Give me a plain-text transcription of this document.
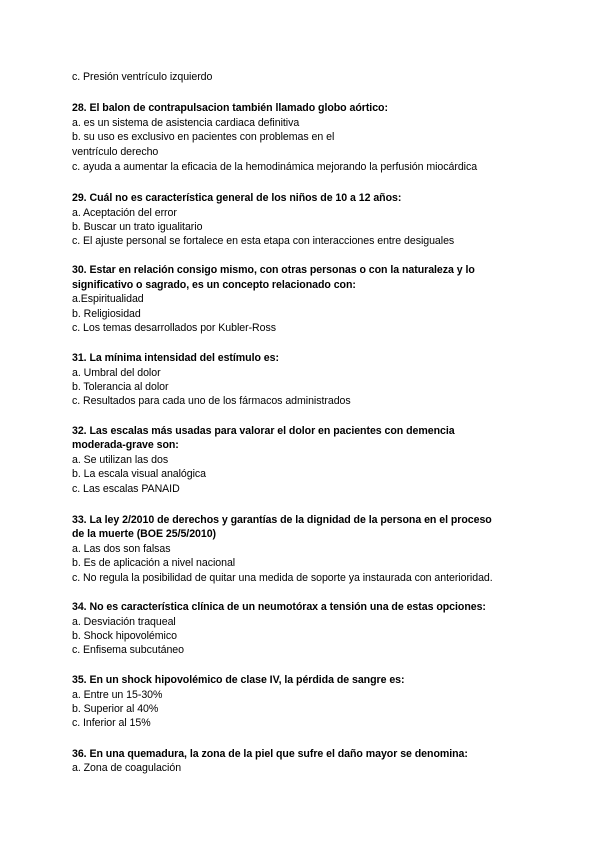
c. Presión ventrículo izquierdo
28. El balon de contrapulsacion también llamado globo aórtico:
a. es un sistema de asistencia cardiaca definitiva
b. su uso es exclusivo en pacientes con problemas en el
ventrículo derecho
c. ayuda a aumentar la eficacia de la hemodinámica mejorando la perfusión miocárdica
29. Cuál no es característica general de los niños de 10 a 12 años:
a. Aceptación del error
b. Buscar un trato igualitario
c. El ajuste personal se fortalece en esta etapa con interacciones entre desiguales
30. Estar en relación consigo mismo, con otras personas o con la naturaleza y lo
significativo o sagrado, es un concepto relacionado con:
a.Espiritualidad
b. Religiosidad
c. Los temas desarrollados por Kubler-Ross
31. La mínima intensidad del estímulo es:
a. Umbral del dolor
b. Tolerancia al dolor
c. Resultados para cada uno de los fármacos administrados
32. Las escalas más usadas para valorar el dolor en pacientes con demencia
moderada-grave son:
a. Se utilizan las dos
b. La escala visual analógica
c. Las escalas PANAID
33. La ley 2/2010 de derechos y garantías de la dignidad de la persona en el proceso
de la muerte (BOE 25/5/2010)
a. Las dos son falsas
b. Es de aplicación a nivel nacional
c. No regula la posibilidad de quitar una medida de soporte ya instaurada con anterioridad.
34. No es característica clínica de un neumotórax a tensión una de estas opciones:
a. Desviación traqueal
b. Shock hipovolémico
c. Enfisema subcutáneo
35. En un shock hipovolémico de clase IV, la pérdida de sangre es:
a. Entre un 15-30%
b. Superior al 40%
c. Inferior al 15%
36. En una quemadura, la zona de la piel que sufre el daño mayor se denomina:
a. Zona de coagulación
